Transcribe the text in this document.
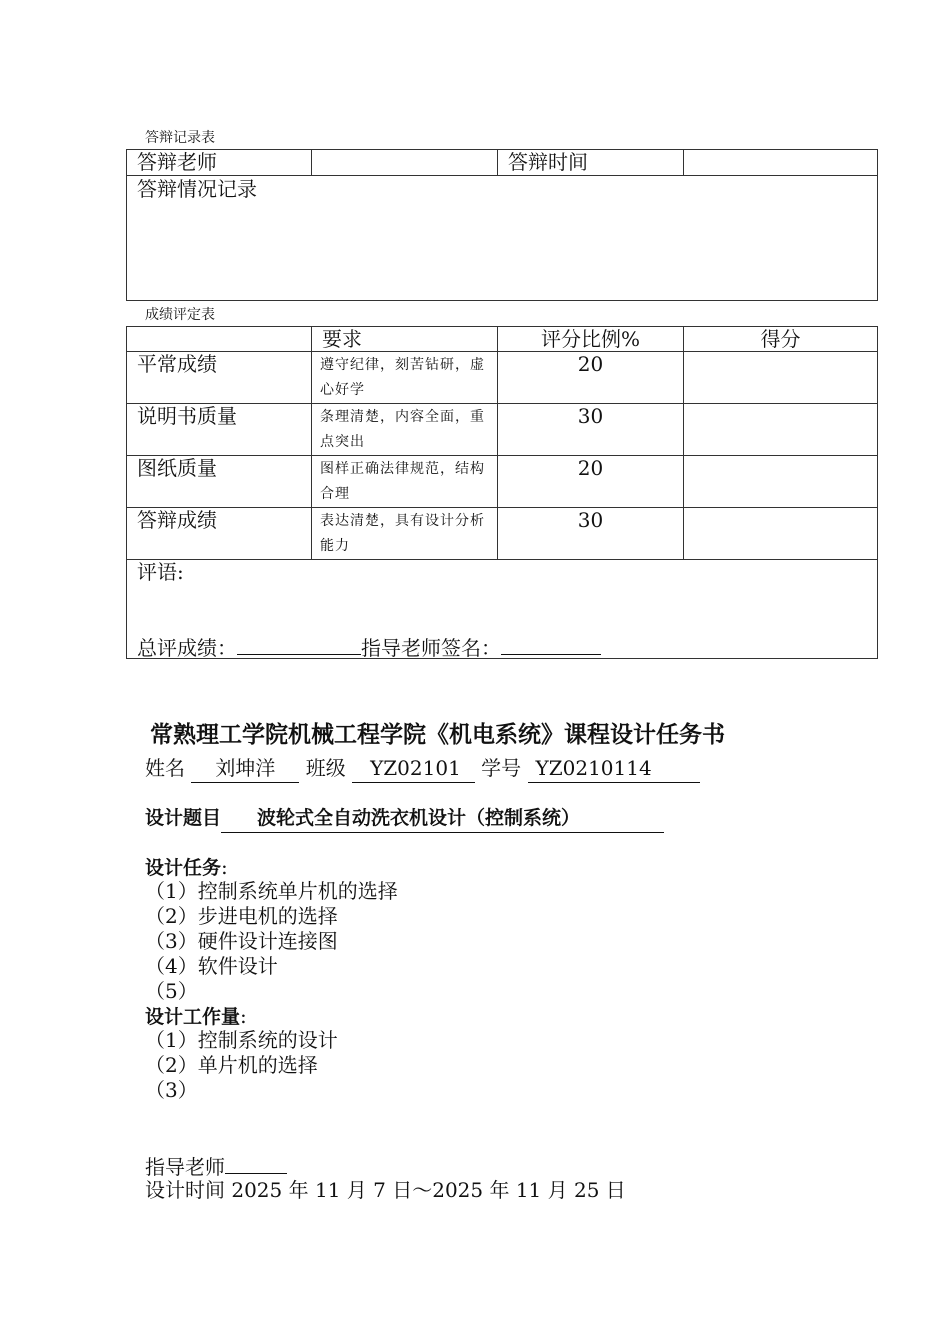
答辩记录表
答辩老师		答辩时间	
答辩情况记录
成绩评定表
	要求	评分比例%	得分
平常成绩	遵守纪律，刻苦钻研，虚心好学	20	
说明书质量	条理清楚，内容全面，重点突出	30	
图纸质量	图样正确法律规范，结构合理	20	
答辩成绩	表达清楚，具有设计分析能力	30	

评语:
总评成绩： 指导老师签名：			
常熟理工学院机械工程学院《机电系统》课程设计任务书
姓名 刘坤洋 班级 YZ02101 学号 YZ0210114
设计题目 波轮式全自动洗衣机设计（控制系统）
设计任务:
（1）控制系统单片机的选择
（2）步进电机的选择
（3）硬件设计连接图
（4）软件设计
（5）
设计工作量:
（1）控制系统的设计
（2）单片机的选择
（3）
指导老师
设计时间 2025 年 11 月 7 日～2025 年 11 月 25 日
